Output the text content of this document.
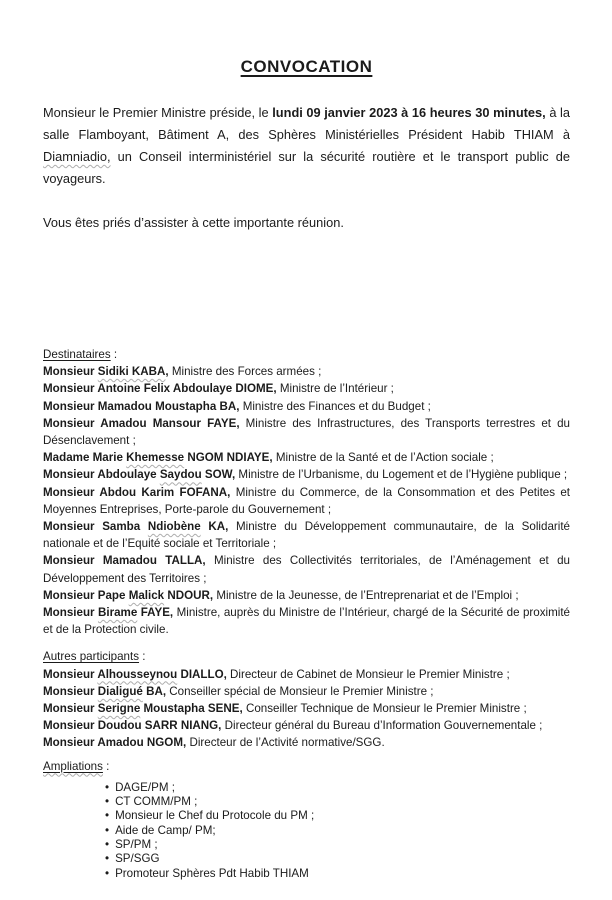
CONVOCATION

Monsieur le Premier Ministre préside, le lundi 09 janvier 2023 à 16 heures 30 minutes, à la salle Flamboyant, Bâtiment A, des Sphères Ministérielles Président Habib THIAM à Diamniadio, un Conseil interministériel sur la sécurité routière et le transport public de voyageurs.

Vous êtes priés d’assister à cette importante réunion.

Destinataires :

Monsieur Sidiki KABA, Ministre des Forces armées ;

Monsieur Antoine Felix Abdoulaye DIOME, Ministre de l’Intérieur ;

Monsieur Mamadou Moustapha BA, Ministre des Finances et du Budget ;

Monsieur Amadou Mansour FAYE, Ministre des Infrastructures, des Transports terrestres et du Désenclavement ;

Madame Marie Khemesse NGOM NDIAYE, Ministre de la Santé et de l’Action sociale ;

Monsieur Abdoulaye Saydou SOW, Ministre de l’Urbanisme, du Logement et de l’Hygiène publique ;

Monsieur Abdou Karim FOFANA, Ministre du Commerce, de la Consommation et des Petites et Moyennes Entreprises, Porte-parole du Gouvernement ;

Monsieur Samba Ndiobène KA, Ministre du Développement communautaire, de la Solidarité nationale et de l’Equité sociale et Territoriale ;

Monsieur Mamadou TALLA, Ministre des Collectivités territoriales, de l’Aménagement et du Développement des Territoires ;

Monsieur Pape Malick NDOUR, Ministre de la Jeunesse, de l’Entreprenariat et de l’Emploi ;

Monsieur Birame FAYE, Ministre, auprès du Ministre de l’Intérieur, chargé de la Sécurité de proximité et de la Protection civile.

Autres participants :

Monsieur Alhousseynou DIALLO, Directeur de Cabinet de Monsieur le Premier Ministre ;

Monsieur Dialigué BA, Conseiller spécial de Monsieur le Premier Ministre ;

Monsieur Serigne Moustapha SENE, Conseiller Technique de Monsieur le Premier Ministre ;

Monsieur Doudou SARR NIANG, Directeur général du Bureau d’Information Gouvernementale ;

Monsieur Amadou NGOM, Directeur de l’Activité normative/SGG.

Ampliations :

• DAGE/PM ;
• CT COMM/PM ;
• Monsieur le Chef du Protocole du PM ;
• Aide de Camp/ PM;
• SP/PM ;
• SP/SGG
• Promoteur Sphères Pdt Habib THIAM
